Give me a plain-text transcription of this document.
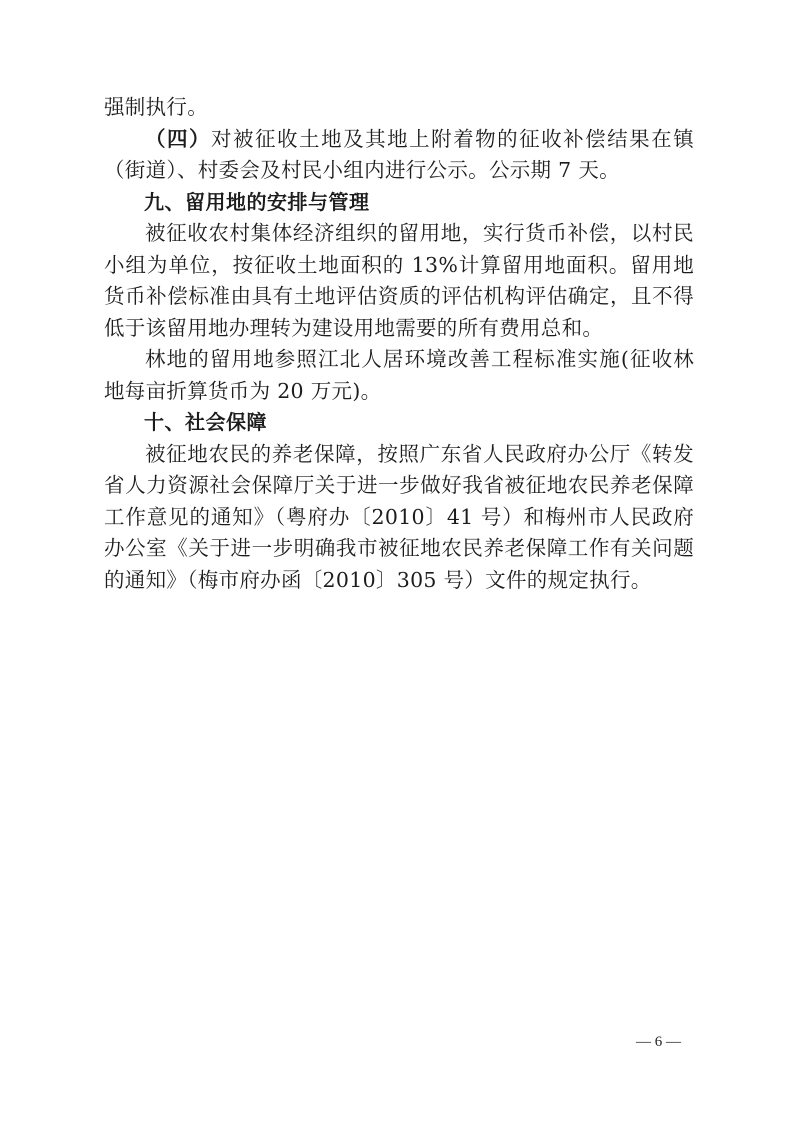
强制执行。

（四）对被征收土地及其地上附着物的征收补偿结果在镇（街道）、村委会及村民小组内进行公示。公示期 7 天。

九、留用地的安排与管理

被征收农村集体经济组织的留用地，实行货币补偿，以村民小组为单位，按征收土地面积的 13%计算留用地面积。留用地货币补偿标准由具有土地评估资质的评估机构评估确定，且不得低于该留用地办理转为建设用地需要的所有费用总和。

林地的留用地参照江北人居环境改善工程标准实施(征收林地每亩折算货币为 20 万元)。

十、社会保障

被征地农民的养老保障，按照广东省人民政府办公厅《转发省人力资源社会保障厅关于进一步做好我省被征地农民养老保障工作意见的通知》（粤府办〔2010〕41 号）和梅州市人民政府办公室《关于进一步明确我市被征地农民养老保障工作有关问题的通知》（梅市府办函〔2010〕305 号）文件的规定执行。

— 6 —
